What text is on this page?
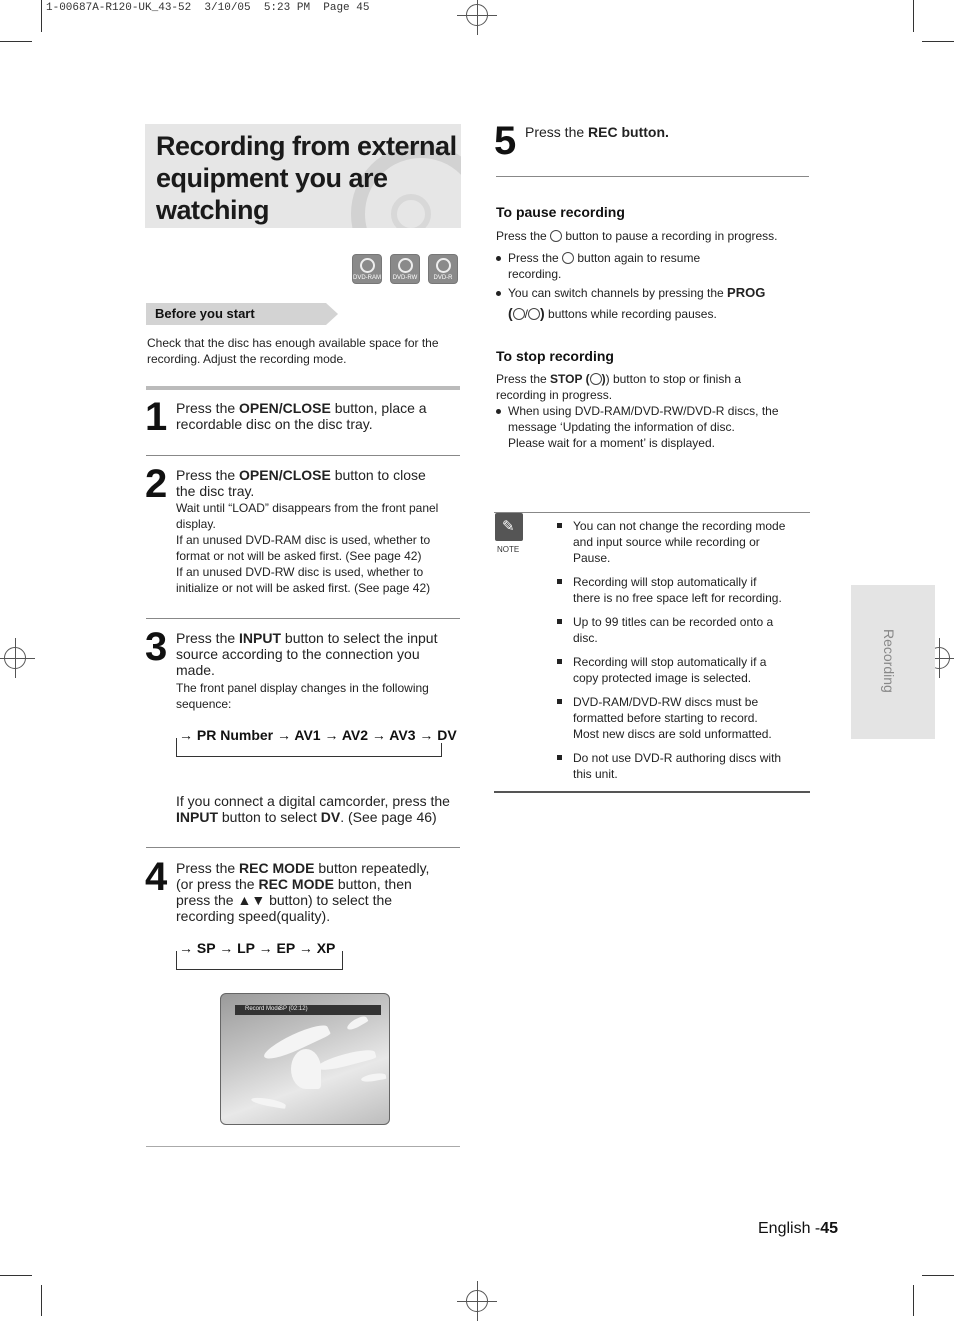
1-00687A-R120-UK_43-52  3/10/05  5:23 PM  Page 45
Recording from external
equipment you are
watching
DVD-RAM DVD-RW	DVD-R
Before you start
Check that the disc has enough available space for the
recording. Adjust the recording mode.
1 Press the OPEN/CLOSE button, place a
recordable disc on the disc tray.
2 Press the OPEN/CLOSE button to close
the disc tray.
Wait until “LOAD” disappears from the front panel
display.
If an unused DVD-RAM disc is used, whether to
format or not will be asked first. (See page 42)
If an unused DVD-RW disc is used, whether to
initialize or not will be asked first. (See page 42)
3 Press the INPUT button to select the input
source according to the connection you
made.
The front panel display changes in the following
sequence:
→ PR Number → AV1 → AV2 → AV3 → DV
If you connect a digital camcorder, press the
INPUT button to select DV. (See page 46)
4 Press the REC MODE button repeatedly,
(or press the REC MODE button, then
press the ▲▼ button) to select the
recording speed(quality).
→ SP → LP → EP → XP
Record Mode
SP (02:12)
5 Press the REC button.
To pause recording
Press the  button to pause a recording in progress.
Press the  button again to resume
recording.
You can switch channels by pressing the PROG
( / ) buttons while recording pauses.
To stop recording
Press the STOP ( )) button to stop or finish a
recording in progress.
When using DVD-RAM/DVD-RW/DVD-R discs, the
message ‘Updating the information of disc.
Please wait for a moment’ is displayed.
✎
NOTE
You can not change the recording mode
and input source while recording or
Pause.
Recording will stop automatically if
there is no free space left for recording.
Up to 99 titles can be recorded onto a
disc.
Recording will stop automatically if a
copy protected image is selected.
DVD-RAM/DVD-RW discs must be
formatted before starting to record.
Most new discs are sold unformatted.
Do not use DVD-R authoring discs with
this unit.
Recording
English -45
